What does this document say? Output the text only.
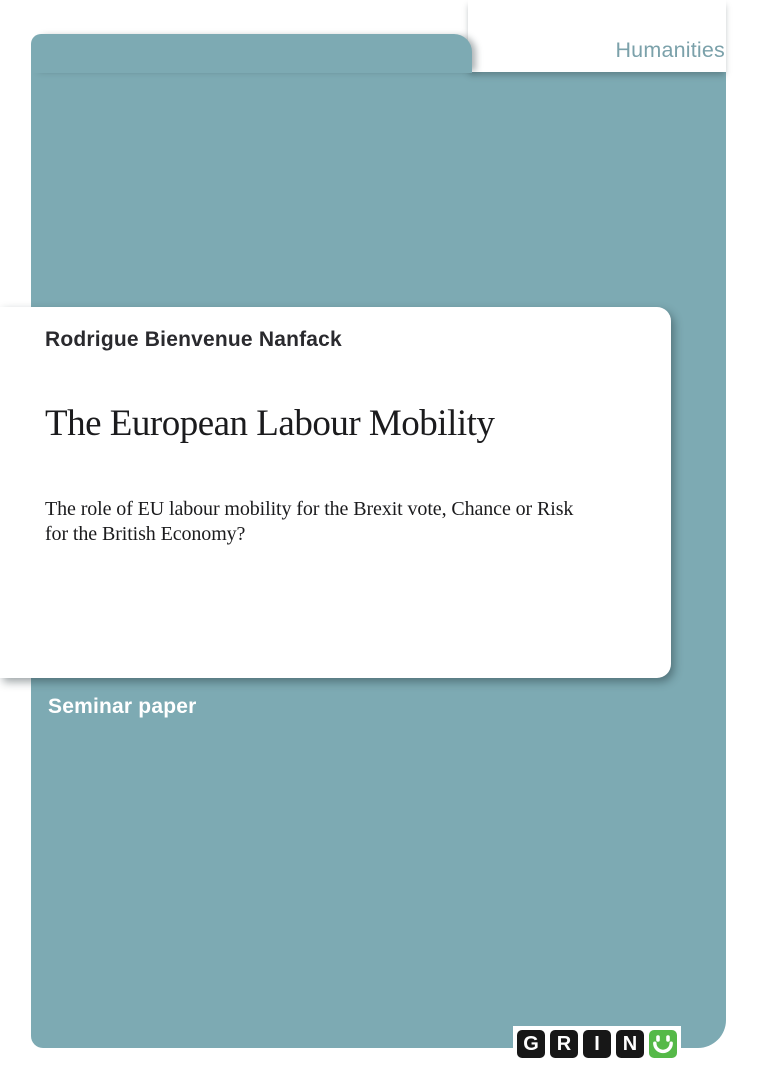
Humanities
Rodrigue Bienvenue Nanfack
The European Labour Mobility
The role of EU labour mobility for the Brexit vote, Chance or Risk
for the British Economy?
Seminar paper
G R	I	N
